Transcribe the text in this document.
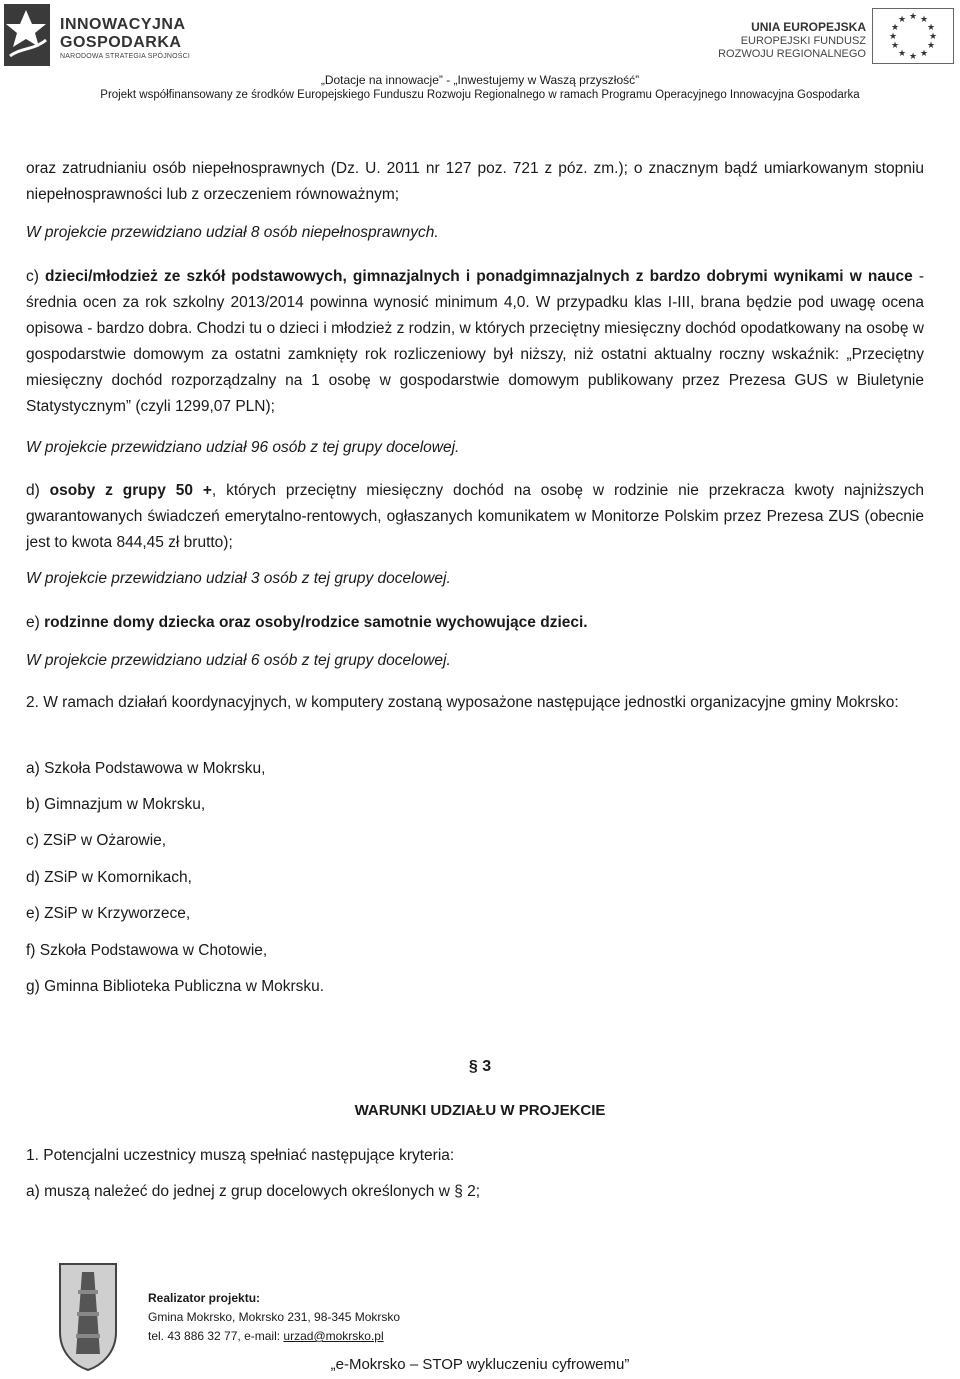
INNOWACYJNA
GOSPODARKA
NARODOWA STRATEGIA SPÓJNOŚCI
UNIA EUROPEJSKA
EUROPEJSKI FUNDUSZ
ROZWOJU REGIONALNEGO
★ ★
★
★
★
★
★
★
★
★
★
★
„Dotacje na innowacje” - „Inwestujemy w Waszą przyszłość”
Projekt współfinansowany ze środków Europejskiego Funduszu Rozwoju Regionalnego w ramach Programu Operacyjnego Innowacyjna Gospodarka
oraz zatrudnianiu osób niepełnosprawnych (Dz. U. 2011 nr 127 poz. 721 z póz. zm.); o znacznym bądź umiarkowanym stopniu niepełnosprawności lub z orzeczeniem równoważnym;
W projekcie przewidziano udział 8 osób niepełnosprawnych.
c) dzieci/młodzież ze szkół podstawowych, gimnazjalnych i ponadgimnazjalnych z bardzo dobrymi wynikami w nauce - średnia ocen za rok szkolny 2013/2014 powinna wynosić minimum 4,0. W przypadku klas I-III, brana będzie pod uwagę ocena opisowa - bardzo dobra. Chodzi tu o dzieci i młodzież z rodzin, w których przeciętny miesięczny dochód opodatkowany na osobę w gospodarstwie domowym za ostatni zamknięty rok rozliczeniowy był niższy, niż ostatni aktualny roczny wskaźnik: „Przeciętny miesięczny dochód rozporządzalny na 1 osobę w gospodarstwie domowym publikowany przez Prezesa GUS w Biuletynie Statystycznym” (czyli 1299,07 PLN);
W projekcie przewidziano udział 96 osób z tej grupy docelowej.
d) osoby z grupy 50 +, których przeciętny miesięczny dochód na osobę w rodzinie nie przekracza kwoty najniższych gwarantowanych świadczeń emerytalno-rentowych, ogłaszanych komunikatem w Monitorze Polskim przez Prezesa ZUS (obecnie jest to kwota 844,45 zł brutto);
W projekcie przewidziano udział 3 osób z tej grupy docelowej.
e) rodzinne domy dziecka oraz osoby/rodzice samotnie wychowujące dzieci.
W projekcie przewidziano udział 6 osób z tej grupy docelowej.
2. W ramach działań koordynacyjnych, w komputery zostaną wyposażone następujące jednostki organizacyjne gminy Mokrsko:
a) Szkoła Podstawowa w Mokrsku,
b) Gimnazjum w Mokrsku,
c) ZSiP w Ożarowie,
d) ZSiP w Komornikach,
e) ZSiP w Krzyworzece,
f) Szkoła Podstawowa w Chotowie,
g) Gminna Biblioteka Publiczna w Mokrsku.
§ 3
WARUNKI UDZIAŁU W PROJEKCIE
1. Potencjalni uczestnicy muszą spełniać następujące kryteria:
a) muszą należeć do jednej z grup docelowych określonych w § 2;
Realizator projektu:
Gmina Mokrsko, Mokrsko 231, 98-345 Mokrsko
tel. 43 886 32 77, e-mail: urzad@mokrsko.pl
„e-Mokrsko – STOP wykluczeniu cyfrowemu”
